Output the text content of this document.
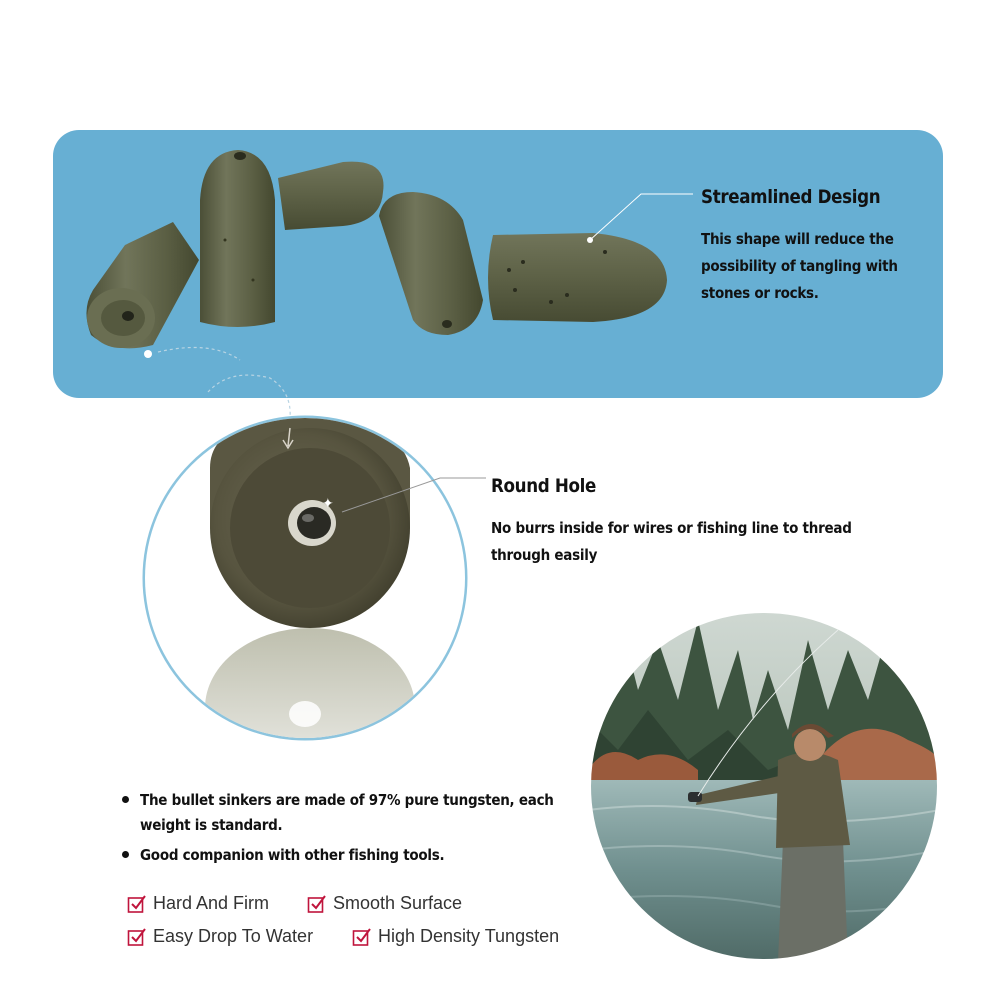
Streamlined Design
This shape will reduce the possibility of tangling with stones or rocks.
✦
Round Hole
No burrs inside for wires or fishing line to thread through easily
The bullet sinkers are made of 97% pure tungsten, each weight is standard.
Good companion with other fishing tools.
Hard And Firm	Smooth Surface
Easy Drop To Water	High Density Tungsten
